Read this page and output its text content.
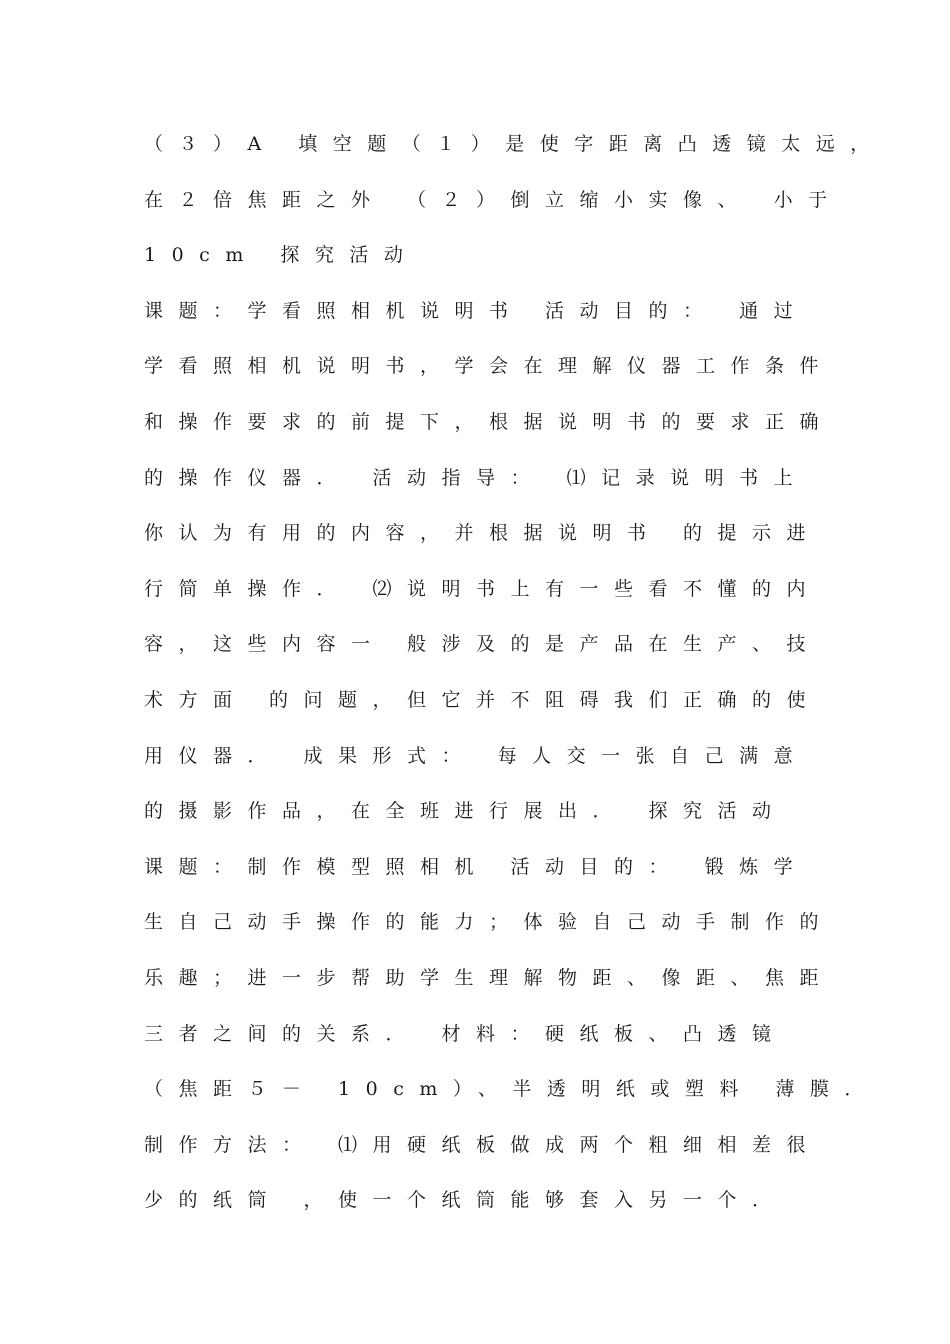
（３）A 填空题（１）是使字距离凸透镜太远，
在２倍焦距之外 （２）倒立缩小实像、 小于
10cm 探究活动
课题：学看照相机说明书 活动目的： 通过
学看照相机说明书，学会在理解仪器工作条件
和操作要求的前提下，根据说明书的要求正确
的操作仪器． 活动指导： ⑴记录说明书上
你认为有用的内容，并根据说明书 的提示进
行简单操作． ⑵说明书上有一些看不懂的内
容，这些内容一 般涉及的是产品在生产、技
术方面 的问题，但它并不阻碍我们正确的使
用仪器． 成果形式： 每人交一张自己满意
的摄影作品，在全班进行展出． 探究活动
课题：制作模型照相机 活动目的： 锻炼学
生自己动手操作的能力；体验自己动手制作的
乐趣；进一步帮助学生理解物距、像距、焦距
三者之间的关系． 材料：硬纸板、凸透镜
（焦距５－ 10cm）、半透明纸或塑料 薄膜．
制作方法： ⑴用硬纸板做成两个粗细相差很
少的纸筒 ，使一个纸筒能够套入另一个．
